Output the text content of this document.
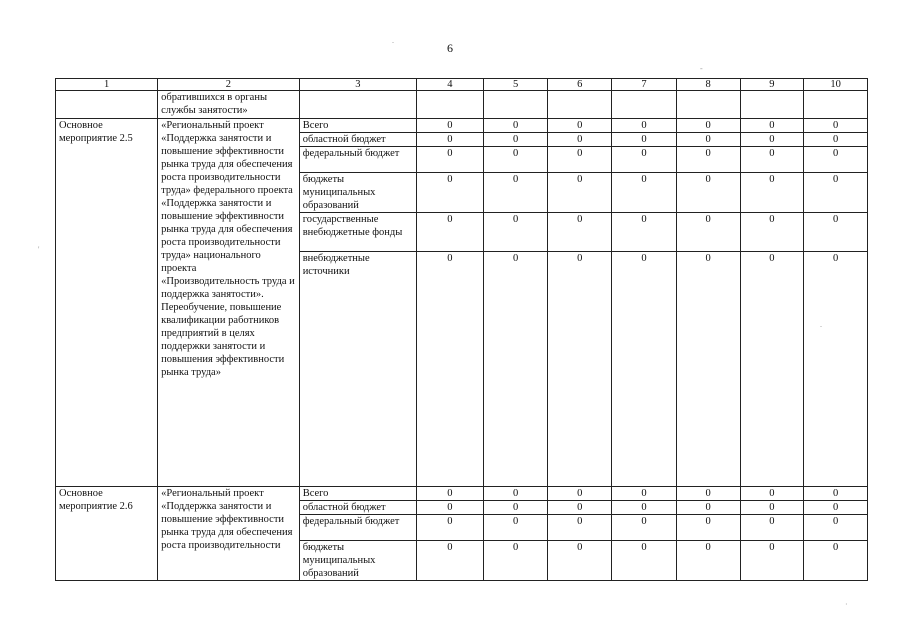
6
1	2	3	4	5	6	7	8	9	10
	обратившихся в органы службы занятости»								
Основное мероприятие 2.5	«Региональный проект «Поддержка занятости и повышение эффективности рынка труда для обеспечения роста производительности труда» федерального проекта «Поддержка занятости и повышение эффективности рынка труда для обеспечения роста производительности труда» национального проекта «Производительность труда и поддержка занятости». Переобучение, повышение квалификации работников предприятий в целях поддержки занятости и повышения эффективности рынка труда»	Всего	0	0	0	0	0	0	0
		областной бюджет	0	0	0	0	0	0	0
		федеральный бюджет	0	0	0	0	0	0	0
		бюджеты муниципальных образований	0	0	0	0	0	0	0
		государственные внебюджетные фонды	0	0	0	0	0	0	0
		внебюджетные источники	0	0	0	0	0	0	0
Основное мероприятие 2.6	«Региональный проект «Поддержка занятости и повышение эффективности рынка труда для обеспечения роста производительности	Всего	0	0	0	0	0	0	0
		областной бюджет	0	0	0	0	0	0	0
		федеральный бюджет	0	0	0	0	0	0	0
		бюджеты муниципальных образований	0	0	0	0	0	0	0
.
-
'
.
·
